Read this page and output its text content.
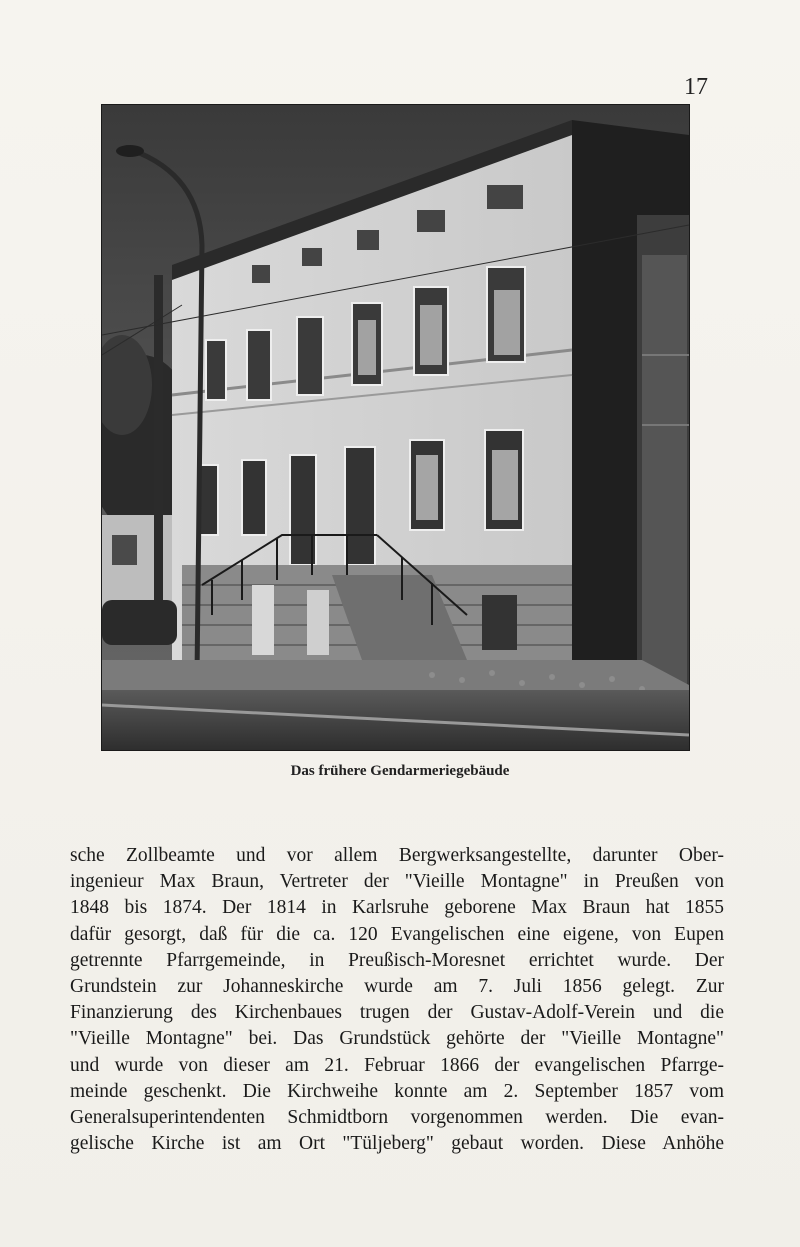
17
Das frühere Gendarmeriegebäude
sche Zollbeamte und vor allem Bergwerksangestellte, darunter Ober-
ingenieur Max Braun, Vertreter der "Vieille Montagne" in Preußen von
1848 bis 1874. Der 1814 in Karlsruhe geborene Max Braun hat 1855
dafür gesorgt, daß für die ca. 120 Evangelischen eine eigene, von Eupen
getrennte Pfarrgemeinde, in Preußisch-Moresnet errichtet wurde. Der
Grundstein zur Johanneskirche wurde am 7. Juli 1856 gelegt. Zur
Finanzierung des Kirchenbaues trugen der Gustav-Adolf-Verein und die
"Vieille Montagne" bei. Das Grundstück gehörte der "Vieille Montagne"
und wurde von dieser am 21. Februar 1866 der evangelischen Pfarrge-
meinde geschenkt. Die Kirchweihe konnte am 2. September 1857 vom
Generalsuperintendenten Schmidtborn vorgenommen werden. Die evan-
gelische Kirche ist am Ort "Tüljeberg" gebaut worden. Diese Anhöhe
